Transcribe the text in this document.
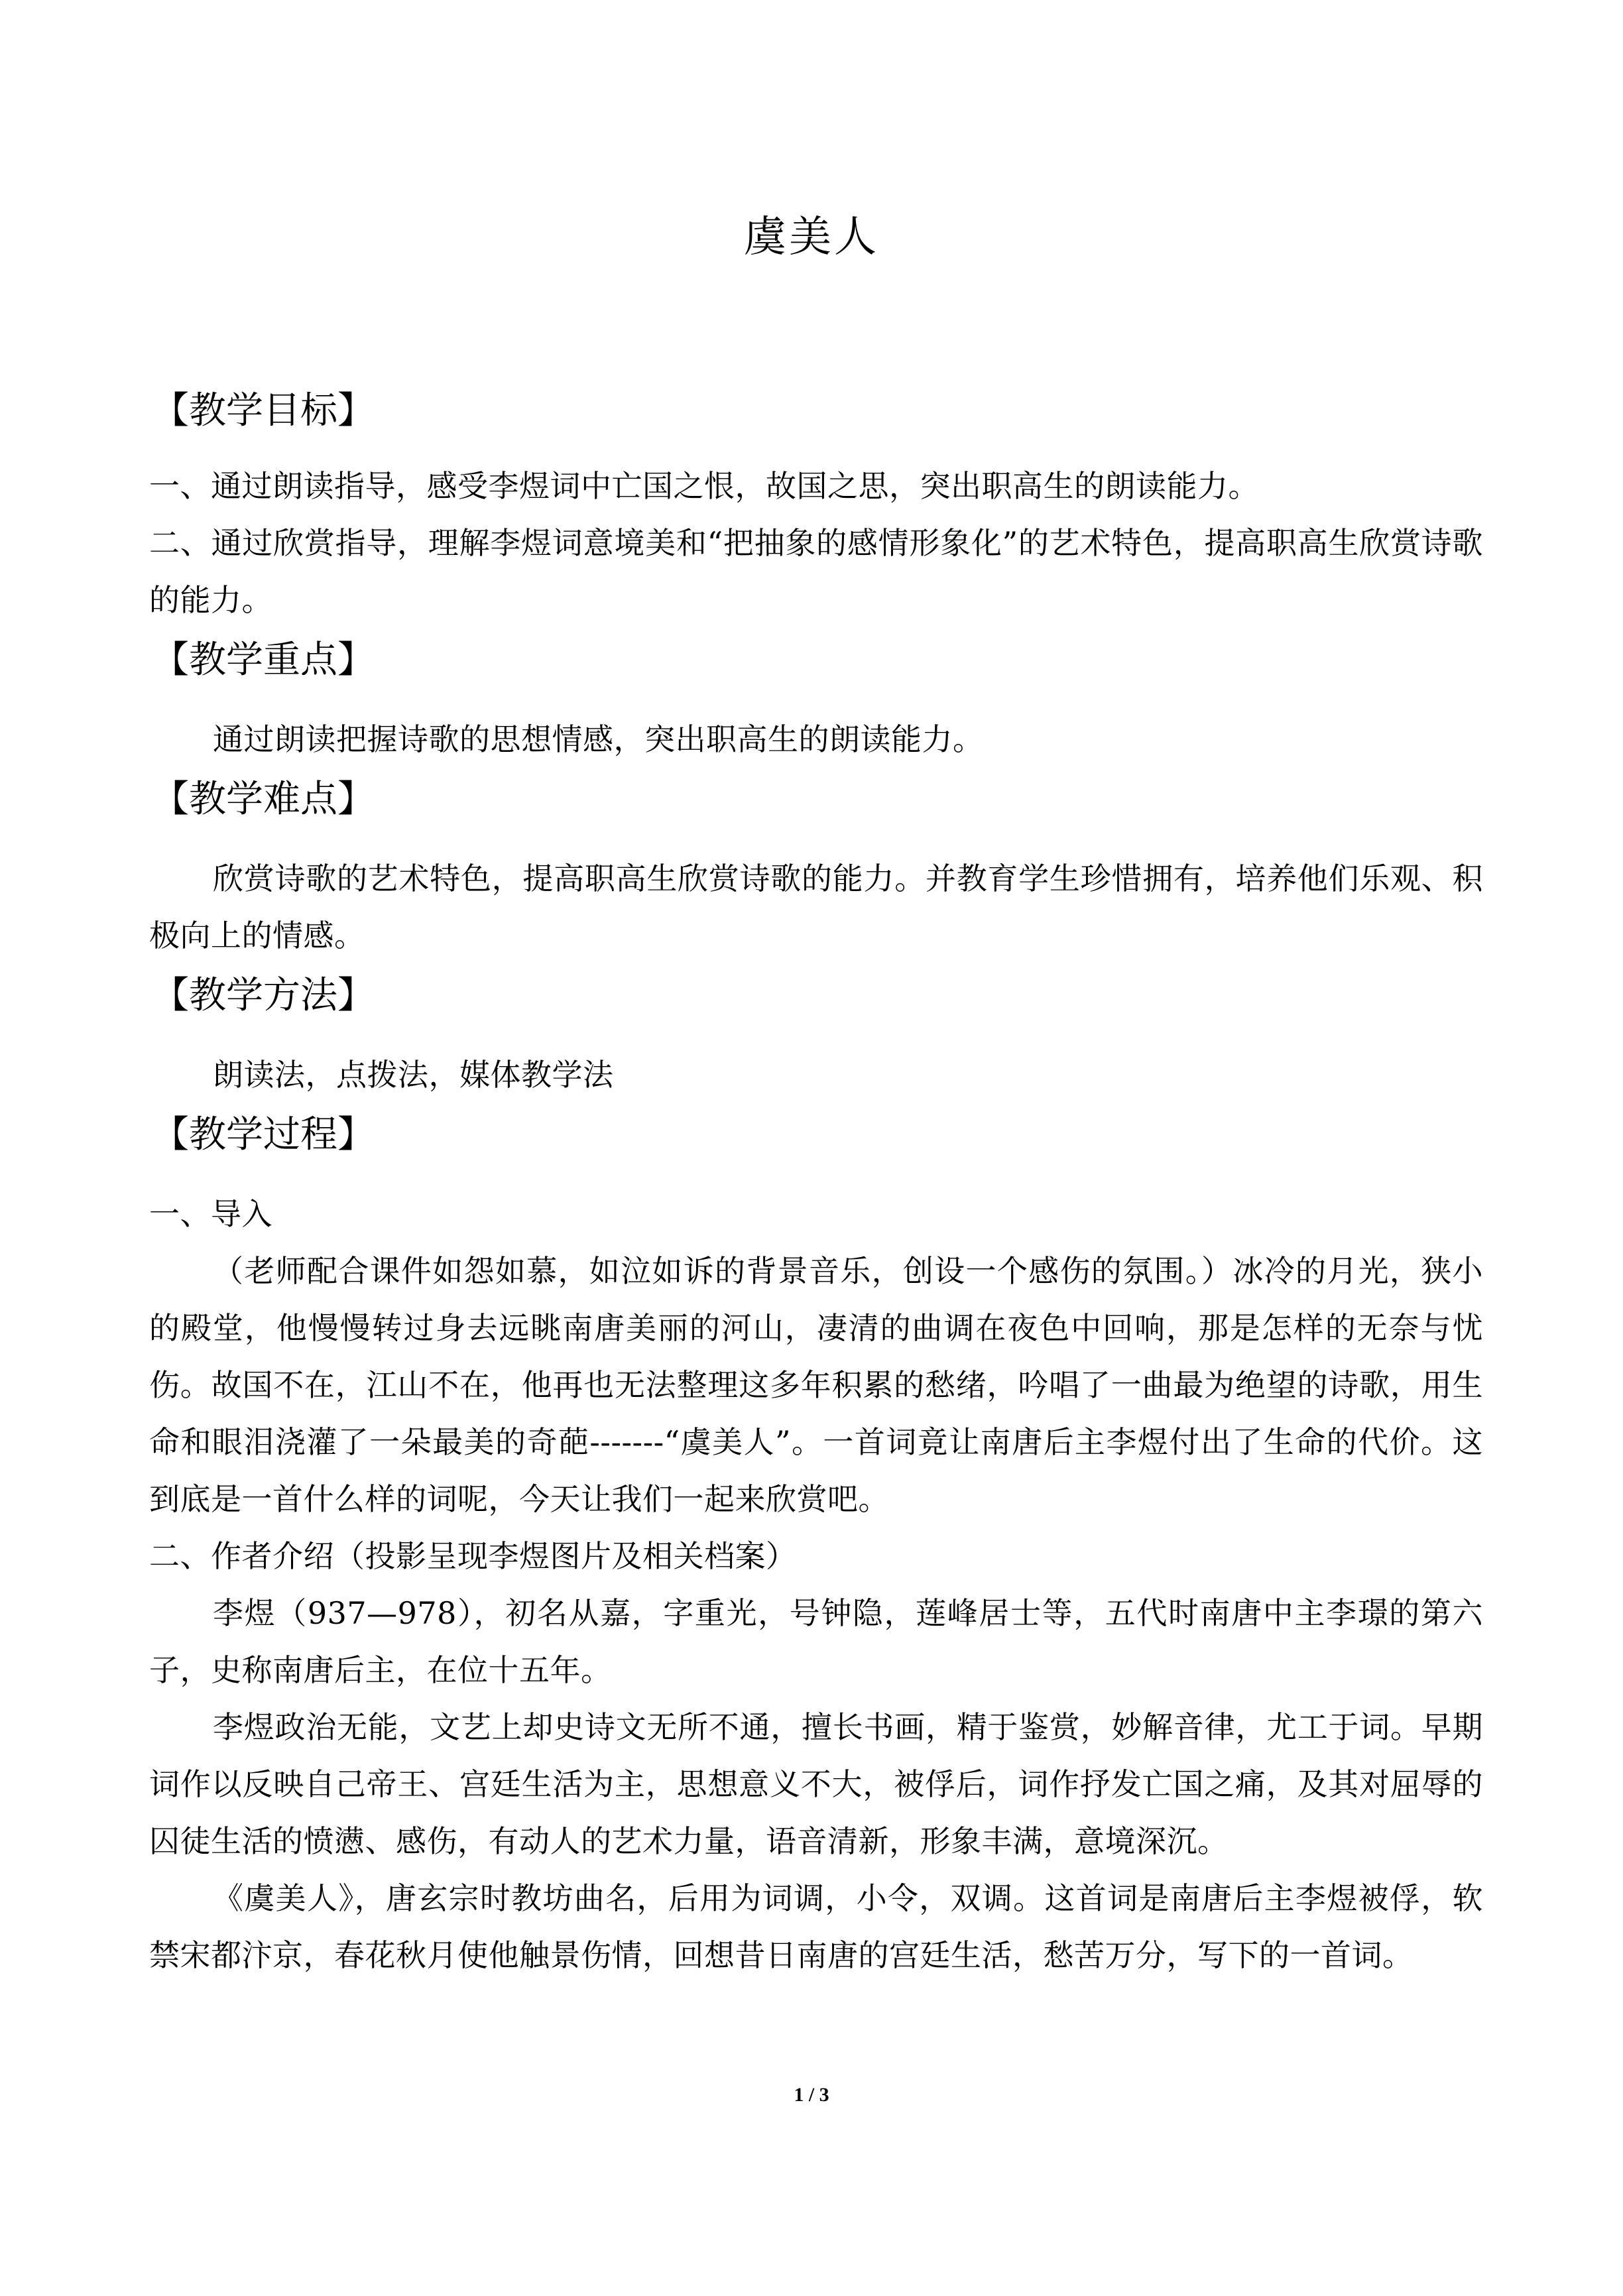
虞美人
【教学目标】

一、通过朗读指导，感受李煜词中亡国之恨，故国之思，突出职高生的朗读能力。

二、通过欣赏指导，理解李煜词意境美和“把抽象的感情形象化”的艺术特色，提高职高生欣赏诗歌的能力。

【教学重点】

通过朗读把握诗歌的思想情感，突出职高生的朗读能力。

【教学难点】

欣赏诗歌的艺术特色，提高职高生欣赏诗歌的能力。并教育学生珍惜拥有，培养他们乐观、积极向上的情感。

【教学方法】

朗读法，点拨法，媒体教学法

【教学过程】

一、导入

（老师配合课件如怨如慕，如泣如诉的背景音乐，创设一个感伤的氛围。）冰冷的月光，狭小的殿堂，他慢慢转过身去远眺南唐美丽的河山，凄清的曲调在夜色中回响，那是怎样的无奈与忧伤。故国不在，江山不在，他再也无法整理这多年积累的愁绪，吟唱了一曲最为绝望的诗歌，用生命和眼泪浇灌了一朵最美的奇葩-------“虞美人”。一首词竟让南唐后主李煜付出了生命的代价。这到底是一首什么样的词呢，今天让我们一起来欣赏吧。

二、作者介绍（投影呈现李煜图片及相关档案）

李煜（937—978），初名从嘉，字重光，号钟隐，莲峰居士等，五代时南唐中主李璟的第六子，史称南唐后主，在位十五年。

李煜政治无能，文艺上却史诗文无所不通，擅长书画，精于鉴赏，妙解音律，尤工于词。早期词作以反映自己帝王、宫廷生活为主，思想意义不大，被俘后，词作抒发亡国之痛，及其对屈辱的囚徒生活的愤懑、感伤，有动人的艺术力量，语音清新，形象丰满，意境深沉。

《虞美人》，唐玄宗时教坊曲名，后用为词调，小令，双调。这首词是南唐后主李煜被俘，软禁宋都汴京，春花秋月使他触景伤情，回想昔日南唐的宫廷生活，愁苦万分，写下的一首词。

1 / 3
